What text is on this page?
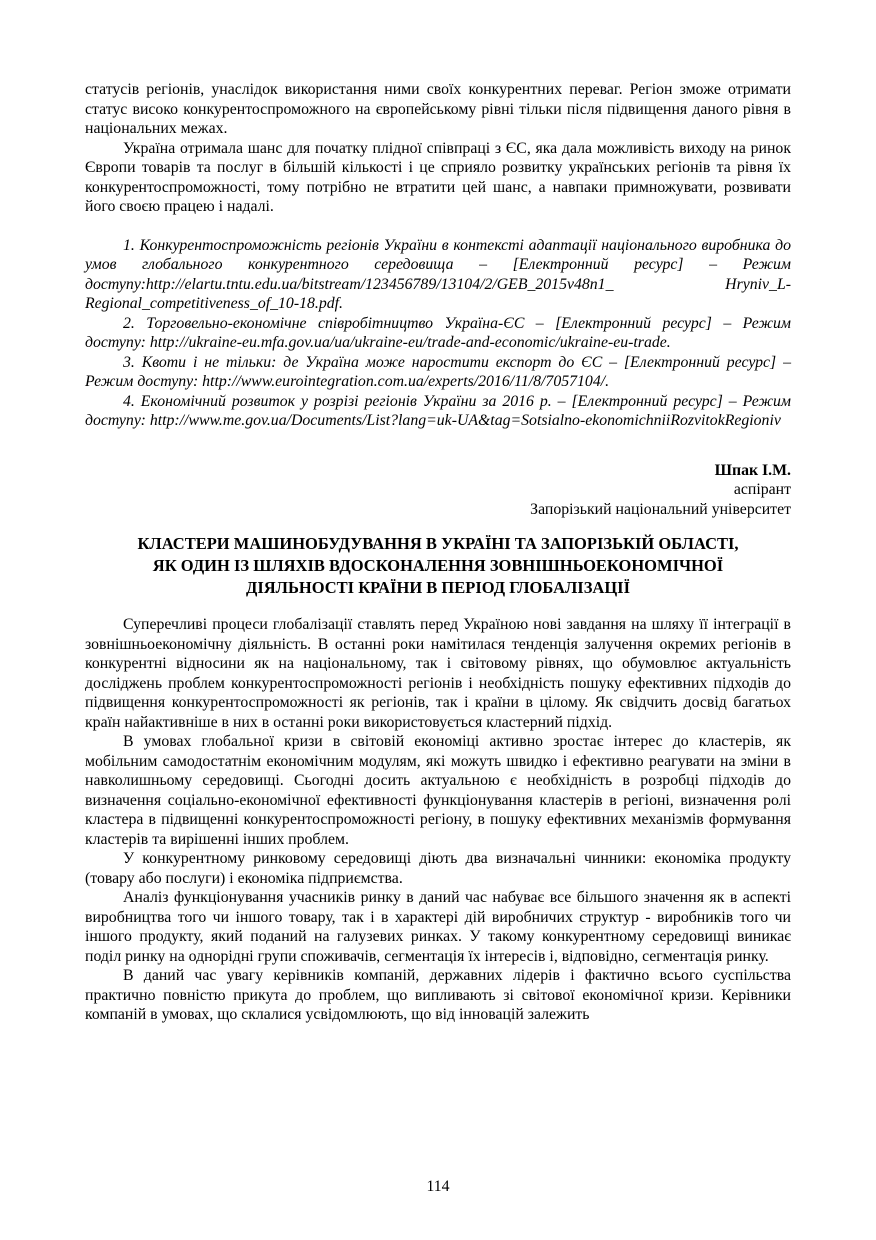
статусів регіонів, унаслідок використання ними своїх конкурентних переваг. Регіон зможе отримати статус високо конкурентоспроможного на європейському рівні тільки після підвищення даного рівня в національних межах.

Україна отримала шанс для початку плідної співпраці з ЄС, яка дала можливість виходу на ринок Європи товарів та послуг в більшій кількості і це сприяло розвитку українських регіонів та рівня їх конкурентоспроможності, тому потрібно не втратити цей шанс, а навпаки примножувати, розвивати його своєю працею і надалі.

1. Конкурентоспроможність регіонів України в контексті адаптації національного виробника до умов глобального конкурентного середовища – [Електронний ресурс] – Режим доступу:http://elartu.tntu.edu.ua/bitstream/123456789/13104/2/GEB_2015v48n1_ Hryniv_L-Regional_competitiveness_of_10-18.pdf.

2. Торговельно-економічне співробітництво Україна-ЄС – [Електронний ресурс] – Режим доступу: http://ukraine-eu.mfa.gov.ua/ua/ukraine-eu/trade-and-economic/ukraine-eu-trade.

3. Квоти і не тільки: де Україна може наростити експорт до ЄС – [Електронний ресурс] – Режим доступу: http://www.eurointegration.com.ua/experts/2016/11/8/7057104/.

4. Економічний розвиток у розрізі регіонів України за 2016 р. – [Електронний ресурс] – Режим доступу: http://www.me.gov.ua/Documents/List?lang=uk-UA&tag=Sotsialno-ekonomichniiRozvitokRegioniv

Шпак І.М.
аспірант
Запорізький національний університет
КЛАСТЕРИ МАШИНОБУДУВАННЯ В УКРАЇНІ ТА ЗАПОРІЗЬКІЙ ОБЛАСТІ,
ЯК ОДИН ІЗ ШЛЯХІВ ВДОСКОНАЛЕННЯ ЗОВНІШНЬОЕКОНОМІЧНОЇ
ДІЯЛЬНОСТІ КРАЇНИ В ПЕРІОД ГЛОБАЛІЗАЦІЇ

Суперечливі процеси глобалізації ставлять перед Україною нові завдання на шляху її інтеграції в зовнішньоекономічну діяльність. В останні роки намітилася тенденція залучення окремих регіонів в конкурентні відносини як на національному, так і світовому рівнях, що обумовлює актуальність досліджень проблем конкурентоспроможності регіонів і необхідність пошуку ефективних підходів до підвищення конкурентоспроможності як регіонів, так і країни в цілому. Як свідчить досвід багатьох країн найактивніше в них в останні роки використовується кластерний підхід.

В умовах глобальної кризи в світовій економіці активно зростає інтерес до кластерів, як мобільним самодостатнім економічним модулям, які можуть швидко і ефективно реагувати на зміни в навколишньому середовищі. Сьогодні досить актуальною є необхідність в розробці підходів до визначення соціально-економічної ефективності функціонування кластерів в регіоні, визначення ролі кластера в підвищенні конкурентоспроможності регіону, в пошуку ефективних механізмів формування кластерів та вирішенні інших проблем.

У конкурентному ринковому середовищі діють два визначальні чинники: економіка продукту (товару або послуги) і економіка підприємства.

Аналіз функціонування учасників ринку в даний час набуває все більшого значення як в аспекті виробництва того чи іншого товару, так і в характері дій виробничих структур - виробників того чи іншого продукту, який поданий на галузевих ринках. У такому конкурентному середовищі виникає поділ ринку на однорідні групи споживачів, сегментація їх інтересів і, відповідно, сегментація ринку.

В даний час увагу керівників компаній, державних лідерів і фактично всього суспільства практично повністю прикута до проблем, що випливають зі світової економічної кризи. Керівники компаній в умовах, що склалися усвідомлюють, що від інновацій залежить

114
